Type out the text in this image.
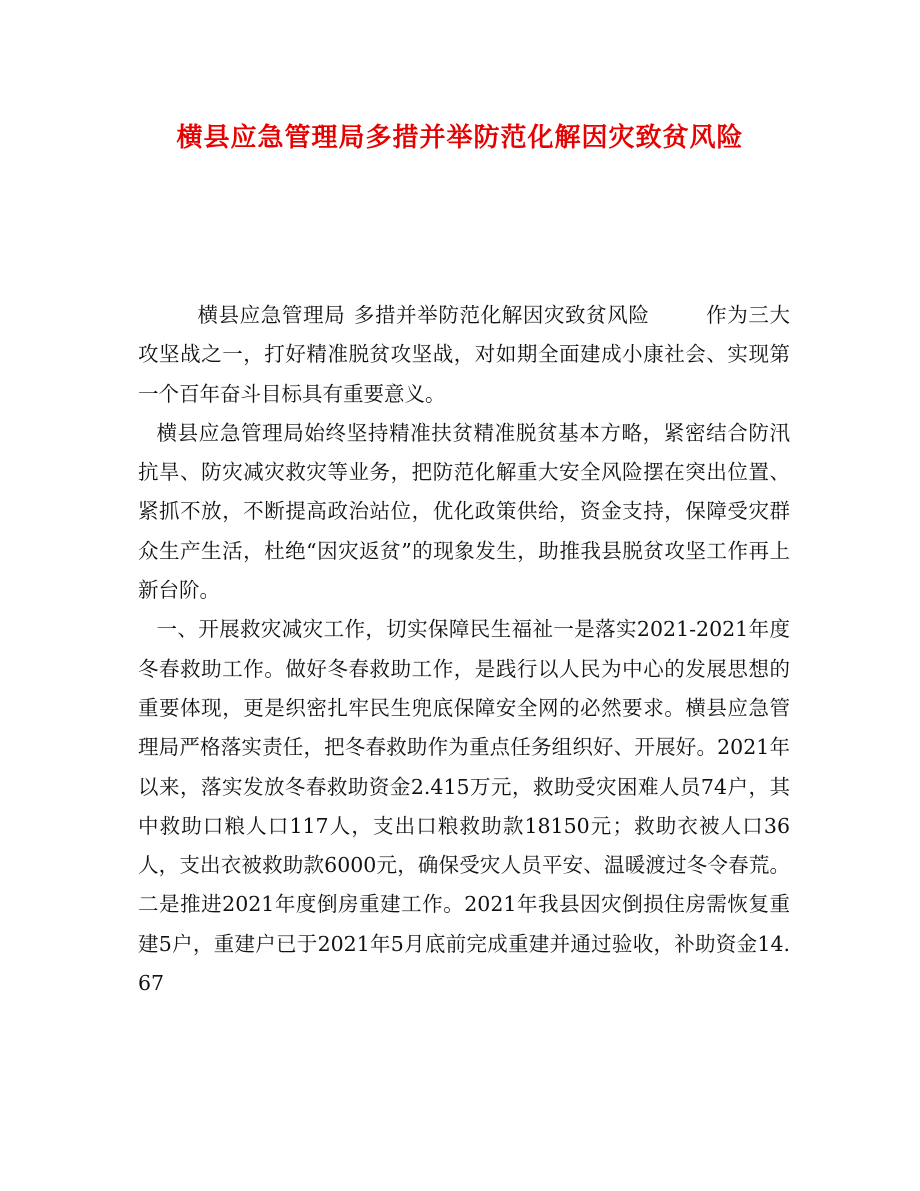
横县应急管理局多措并举防范化解因灾致贫风险

横县应急管理局 多措并举防范化解因灾致贫风险	作为三大攻坚战之一，打好精准脱贫攻坚战，对如期全面建成小康社会、实现第一个百年奋斗目标具有重要意义。

横县应急管理局始终坚持精准扶贫精准脱贫基本方略，紧密结合防汛抗旱、防灾减灾救灾等业务，把防范化解重大安全风险摆在突出位置、紧抓不放，不断提高政治站位，优化政策供给，资金支持，保障受灾群众生产生活，杜绝“因灾返贫”的现象发生，助推我县脱贫攻坚工作再上新台阶。

一、开展救灾减灾工作，切实保障民生福祉一是落实2021-2021年度冬春救助工作。做好冬春救助工作，是践行以人民为中心的发展思想的重要体现，更是织密扎牢民生兜底保障安全网的必然要求。横县应急管理局严格落实责任，把冬春救助作为重点任务组织好、开展好。2021年以来，落实发放冬春救助资金2.415万元，救助受灾困难人员74户，其中救助口粮人口117人，支出口粮救助款18150元；救助衣被人口36人，支出衣被救助款6000元，确保受灾人员平安、温暖渡过冬令春荒。二是推进2021年度倒房重建工作。2021年我县因灾倒损住房需恢复重建5户，重建户已于2021年5月底前完成重建并通过验收，补助资金14.67
